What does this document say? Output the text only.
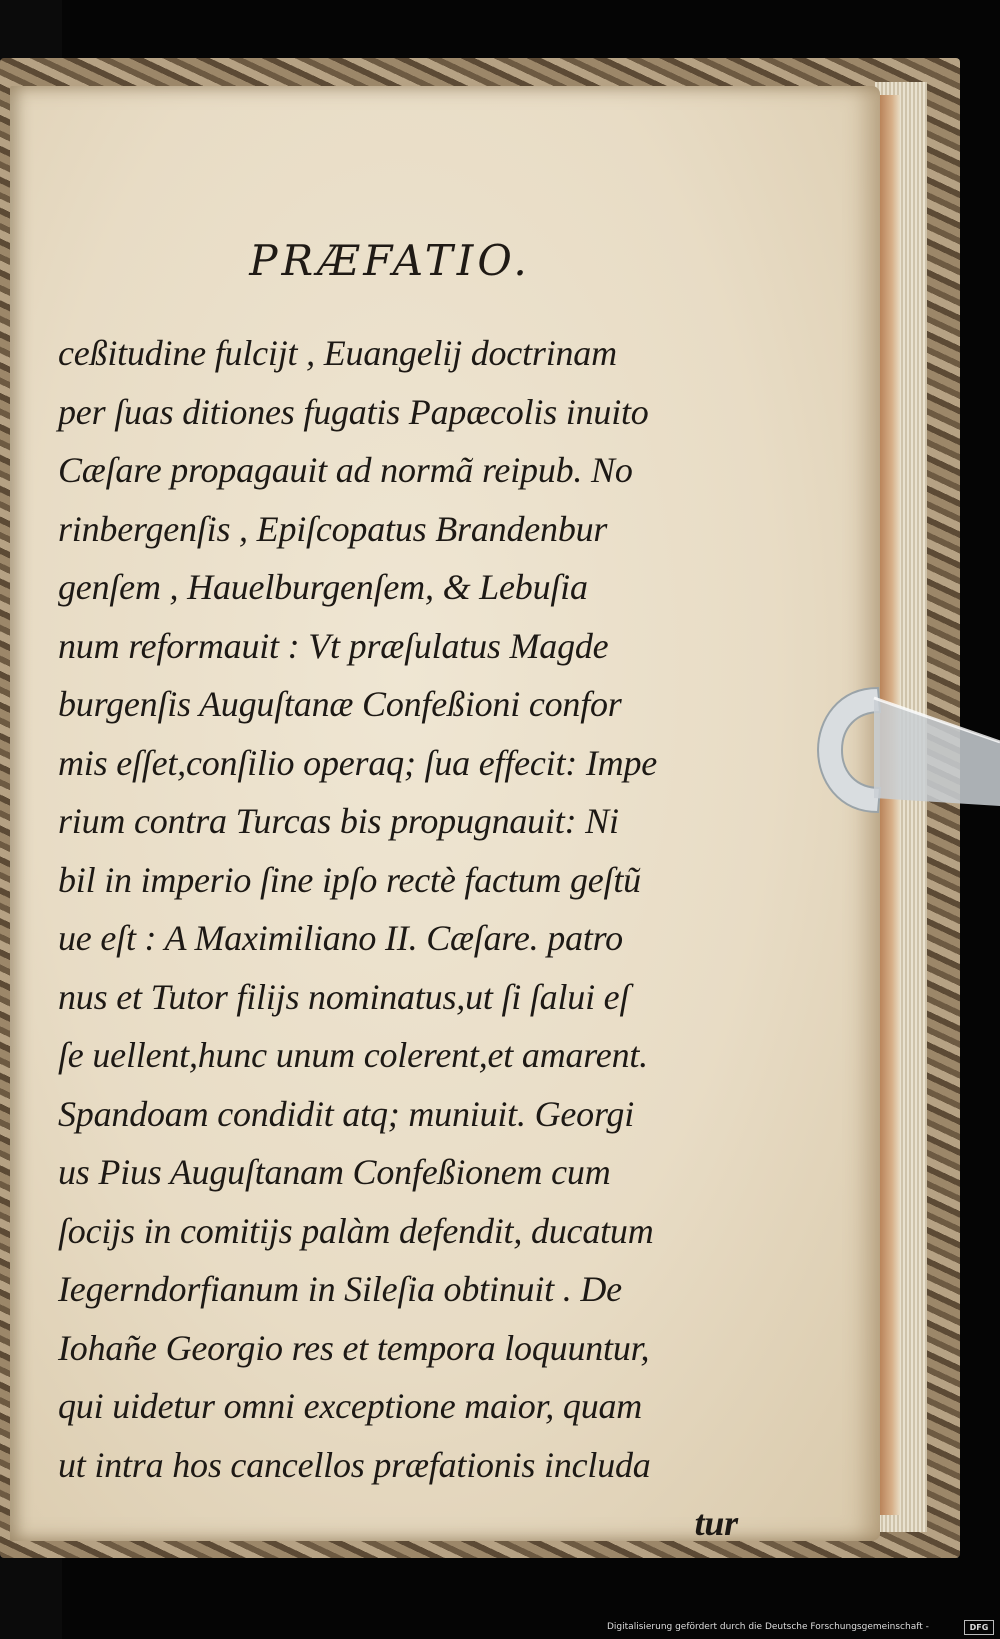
PRÆFATIO.
ceßitudine fulcijt , Euangelij doctrinam
per ſuas ditiones fugatis Papæcolis inuito
Cæſare propagauit ad normã reipub. No
rinbergenſis , Epiſcopatus Brandenbur
genſem , Hauelburgenſem, & Lebuſia
num reformauit : Vt præſulatus Magde
burgenſis Auguſtanæ Confeßioni confor
mis eſſet,conſilio operaq; ſua effecit: Impe
rium contra Turcas bis propugnauit: Ni
bil in imperio ſine ipſo rectè factum geſtũ
ue eſt : A Maximiliano II. Cæſare. patro
nus et Tutor filijs nominatus,ut ſi ſalui eſ
ſe uellent,hunc unum colerent,et amarent.
Spandoam condidit atq; muniuit. Georgi
us Pius Auguſtanam Confeßionem cum
ſocijs in comitijs palàm defendit, ducatum
Iegerndorfianum in Sileſia obtinuit . De
Iohañe Georgio res et tempora loquuntur,
qui uidetur omni exceptione maior, quam
ut intra hos cancellos præfationis includa
tur
Digitalisierung gefördert durch die Deutsche Forschungsgemeinschaft -	DFG
